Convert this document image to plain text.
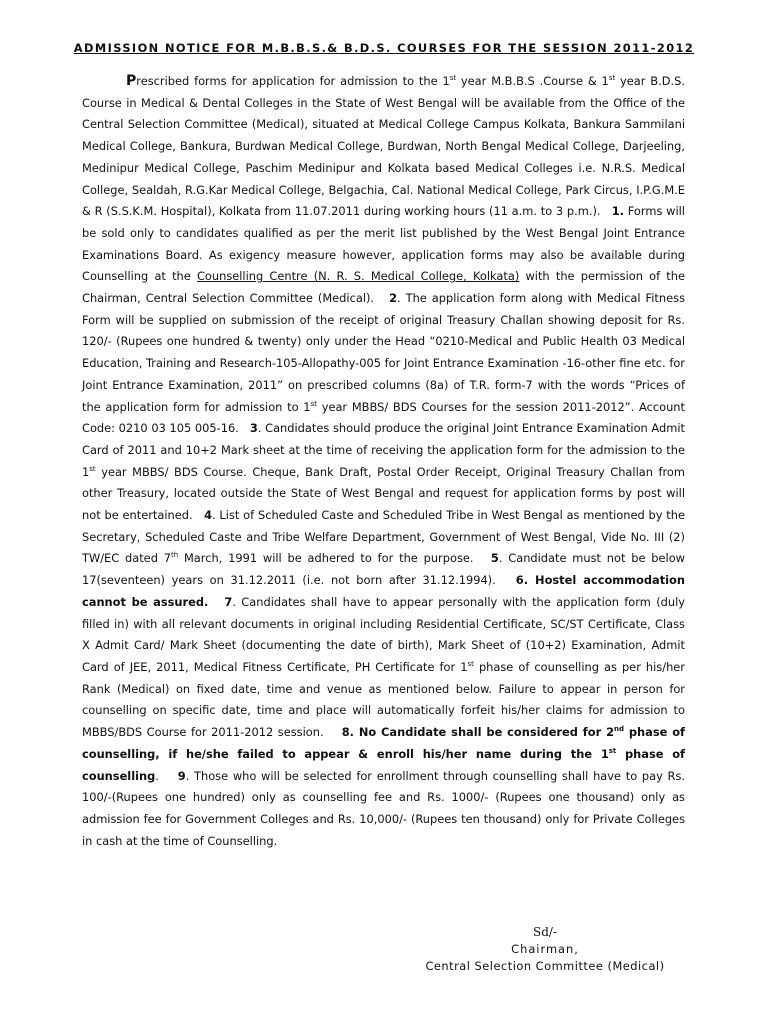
ADMISSION NOTICE FOR M.B.B.S.& B.D.S. COURSES FOR THE SESSION 2011-2012

Prescribed forms for application for admission to the 1st year M.B.B.S .Course & 1st year B.D.S. Course in Medical & Dental Colleges in the State of West Bengal will be available from the Office of the Central Selection Committee (Medical), situated at Medical College Campus Kolkata, Bankura Sammilani Medical College, Bankura, Burdwan Medical College, Burdwan, North Bengal Medical College, Darjeeling, Medinipur Medical College, Paschim Medinipur and Kolkata based Medical Colleges i.e. N.R.S. Medical College, Sealdah, R.G.Kar Medical College, Belgachia, Cal. National Medical College, Park Circus, I.P.G.M.E & R (S.S.K.M. Hospital), Kolkata from 11.07.2011 during working hours (11 a.m. to 3 p.m.). 1. Forms will be sold only to candidates qualified as per the merit list published by the West Bengal Joint Entrance Examinations Board. As exigency measure however, application forms may also be available during Counselling at the Counselling Centre (N. R. S. Medical College, Kolkata) with the permission of the Chairman, Central Selection Committee (Medical). 2. The application form along with Medical Fitness Form will be supplied on submission of the receipt of original Treasury Challan showing deposit for Rs. 120/- (Rupees one hundred & twenty) only under the Head “0210-Medical and Public Health 03 Medical Education, Training and Research-105-Allopathy-005 for Joint Entrance Examination -16-other fine etc. for Joint Entrance Examination, 2011” on prescribed columns (8a) of T.R. form-7 with the words “Prices of the application form for admission to 1st year MBBS/ BDS Courses for the session 2011-2012”. Account Code: 0210 03 105 005-16. 3. Candidates should produce the original Joint Entrance Examination Admit Card of 2011 and 10+2 Mark sheet at the time of receiving the application form for the admission to the 1st year MBBS/ BDS Course. Cheque, Bank Draft, Postal Order Receipt, Original Treasury Challan from other Treasury, located outside the State of West Bengal and request for application forms by post will not be entertained. 4. List of Scheduled Caste and Scheduled Tribe in West Bengal as mentioned by the Secretary, Scheduled Caste and Tribe Welfare Department, Government of West Bengal, Vide No. III (2) TW/EC dated 7th March, 1991 will be adhered to for the purpose. 5. Candidate must not be below 17(seventeen) years on 31.12.2011 (i.e. not born after 31.12.1994). 6. Hostel accommodation cannot be assured. 7. Candidates shall have to appear personally with the application form (duly filled in) with all relevant documents in original including Residential Certificate, SC/ST Certificate, Class X Admit Card/ Mark Sheet (documenting the date of birth), Mark Sheet of (10+2) Examination, Admit Card of JEE, 2011, Medical Fitness Certificate, PH Certificate for 1st phase of counselling as per his/her Rank (Medical) on fixed date, time and venue as mentioned below. Failure to appear in person for counselling on specific date, time and place will automatically forfeit his/her claims for admission to MBBS/BDS Course for 2011-2012 session. 8. No Candidate shall be considered for 2nd phase of counselling, if he/she failed to appear & enroll his/her name during the 1st phase of counselling. 9. Those who will be selected for enrollment through counselling shall have to pay Rs. 100/-(Rupees one hundred) only as counselling fee and Rs. 1000/- (Rupees one thousand) only as admission fee for Government Colleges and Rs. 10,000/- (Rupees ten thousand) only for Private Colleges in cash at the time of Counselling.

Sd/-
Chairman,
Central Selection Committee (Medical)
